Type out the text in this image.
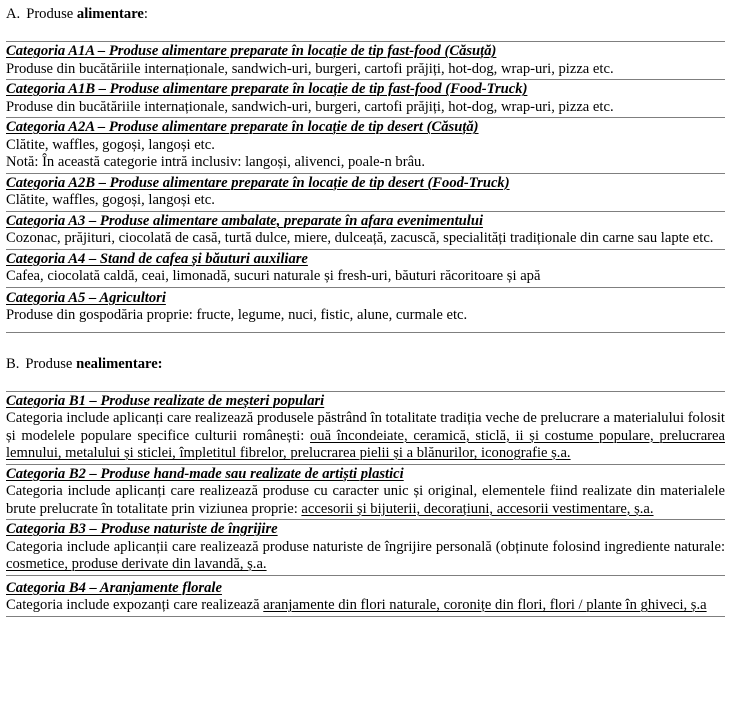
A. Produse alimentare:
Categoria A1A – Produse alimentare preparate în locație de tip fast-food (Căsuță)
Produse din bucătăriile internaționale, sandwich-uri, burgeri, cartofi prăjiți, hot-dog, wrap-uri, pizza etc.
Categoria A1B – Produse alimentare preparate în locație de tip fast-food (Food-Truck)
Produse din bucătăriile internaționale, sandwich-uri, burgeri, cartofi prăjiți, hot-dog, wrap-uri, pizza etc.
Categoria A2A – Produse alimentare preparate în locație de tip desert (Căsuță)
Clătite, waffles, gogoși, langoși etc.
Notă: În această categorie intră inclusiv: langoși, alivenci, poale-n brâu.
Categoria A2B – Produse alimentare preparate în locație de tip desert (Food-Truck)
Clătite, waffles, gogoși, langoși etc.
Categoria A3 – Produse alimentare ambalate, preparate în afara evenimentului
Cozonac, prăjituri, ciocolată de casă, turtă dulce, miere, dulceață, zacuscă, specialități tradiționale din carne sau lapte etc.
Categoria A4 – Stand de cafea și băuturi auxiliare
Cafea, ciocolată caldă, ceai, limonadă, sucuri naturale și fresh-uri, băuturi răcoritoare și apă
Categoria A5 – Agricultori
Produse din gospodăria proprie: fructe, legume, nuci, fistic, alune, curmale etc.
B. Produse nealimentare:
Categoria B1 – Produse realizate de meșteri populari
Categoria include aplicanți care realizează produsele păstrând în totalitate tradiția veche de prelucrare a materialului folosit și modelele populare specifice culturii românești: ouă încondeiate, ceramică, sticlă, ii și costume populare, prelucrarea lemnului, metalului și sticlei, împletitul fibrelor, prelucrarea pielii și a blănurilor, iconografie ș.a.
Categoria B2 – Produse hand-made sau realizate de artiști plastici
Categoria include aplicanți care realizează produse cu caracter unic și original, elementele fiind realizate din materialele brute prelucrate în totalitate prin viziunea proprie: accesorii și bijuterii, decorațiuni, accesorii vestimentare, ș.a.
Categoria B3 – Produse naturiste de îngrijire
Categoria include aplicanții care realizează produse naturiste de îngrijire personală (obținute folosind ingrediente naturale: cosmetice, produse derivate din lavandă, ș.a.
Categoria B4 – Aranjamente florale
Categoria include expozanți care realizează aranjamente din flori naturale, coronițe din flori, flori / plante în ghiveci, ș.a
